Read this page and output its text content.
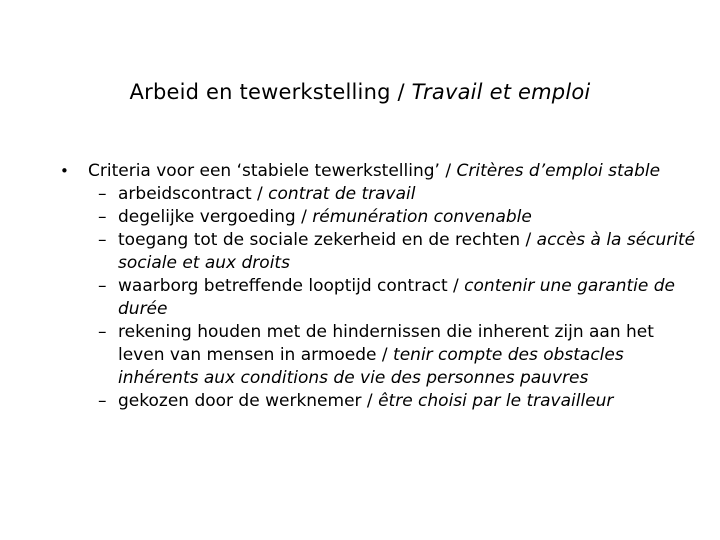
Arbeid en tewerkstelling / Travail et emploi
• Criteria voor een ‘stabiele tewerkstelling’ / Critères d’emploi stable
– arbeidscontract / contrat de travail
– degelijke vergoeding / rémunération convenable
– toegang tot de sociale zekerheid en de rechten / accès à la sécurité sociale et aux droits
– waarborg betreffende looptijd contract / contenir une garantie de durée
– rekening houden met de hindernissen die inherent zijn aan het leven van mensen in armoede / tenir compte des obstacles inhérents aux conditions de vie des personnes pauvres
– gekozen door de werknemer / être choisi par le travailleur
